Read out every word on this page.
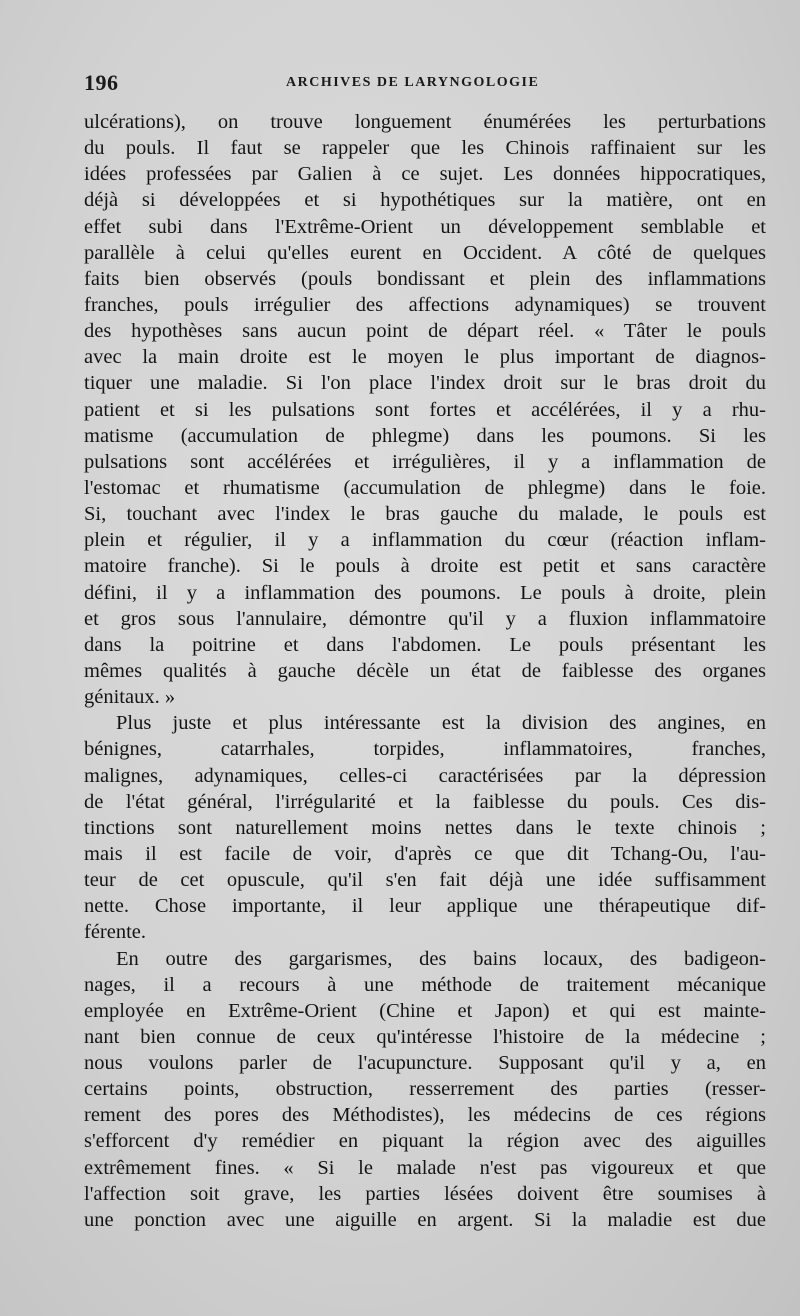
196	ARCHIVES DE LARYNGOLOGIE
ulcérations), on trouve longuement énumérées les perturbations
du pouls. Il faut se rappeler que les Chinois raffinaient sur les
idées professées par Galien à ce sujet. Les données hippocratiques,
déjà si développées et si hypothétiques sur la matière, ont en
effet subi dans l'Extrême-Orient un développement semblable et
parallèle à celui qu'elles eurent en Occident. A côté de quelques
faits bien observés (pouls bondissant et plein des inflammations
franches, pouls irrégulier des affections adynamiques) se trouvent
des hypothèses sans aucun point de départ réel. « Tâter le pouls
avec la main droite est le moyen le plus important de diagnos-
tiquer une maladie. Si l'on place l'index droit sur le bras droit du
patient et si les pulsations sont fortes et accélérées, il y a rhu-
matisme (accumulation de phlegme) dans les poumons. Si les
pulsations sont accélérées et irrégulières, il y a inflammation de
l'estomac et rhumatisme (accumulation de phlegme) dans le foie.
Si, touchant avec l'index le bras gauche du malade, le pouls est
plein et régulier, il y a inflammation du cœur (réaction inflam-
matoire franche). Si le pouls à droite est petit et sans caractère
défini, il y a inflammation des poumons. Le pouls à droite, plein
et gros sous l'annulaire, démontre qu'il y a fluxion inflammatoire
dans la poitrine et dans l'abdomen. Le pouls présentant les
mêmes qualités à gauche décèle un état de faiblesse des organes
génitaux. »
Plus juste et plus intéressante est la division des angines, en
bénignes, catarrhales, torpides, inflammatoires, franches,
malignes, adynamiques, celles-ci caractérisées par la dépression
de l'état général, l'irrégularité et la faiblesse du pouls. Ces dis-
tinctions sont naturellement moins nettes dans le texte chinois ;
mais il est facile de voir, d'après ce que dit Tchang-Ou, l'au-
teur de cet opuscule, qu'il s'en fait déjà une idée suffisamment
nette. Chose importante, il leur applique une thérapeutique dif-
férente.
En outre des gargarismes, des bains locaux, des badigeon-
nages, il a recours à une méthode de traitement mécanique
employée en Extrême-Orient (Chine et Japon) et qui est mainte-
nant bien connue de ceux qu'intéresse l'histoire de la médecine ;
nous voulons parler de l'acupuncture. Supposant qu'il y a, en
certains points, obstruction, resserrement des parties (resser-
rement des pores des Méthodistes), les médecins de ces régions
s'efforcent d'y remédier en piquant la région avec des aiguilles
extrêmement fines. « Si le malade n'est pas vigoureux et que
l'affection soit grave, les parties lésées doivent être soumises à
une ponction avec une aiguille en argent. Si la maladie est due
